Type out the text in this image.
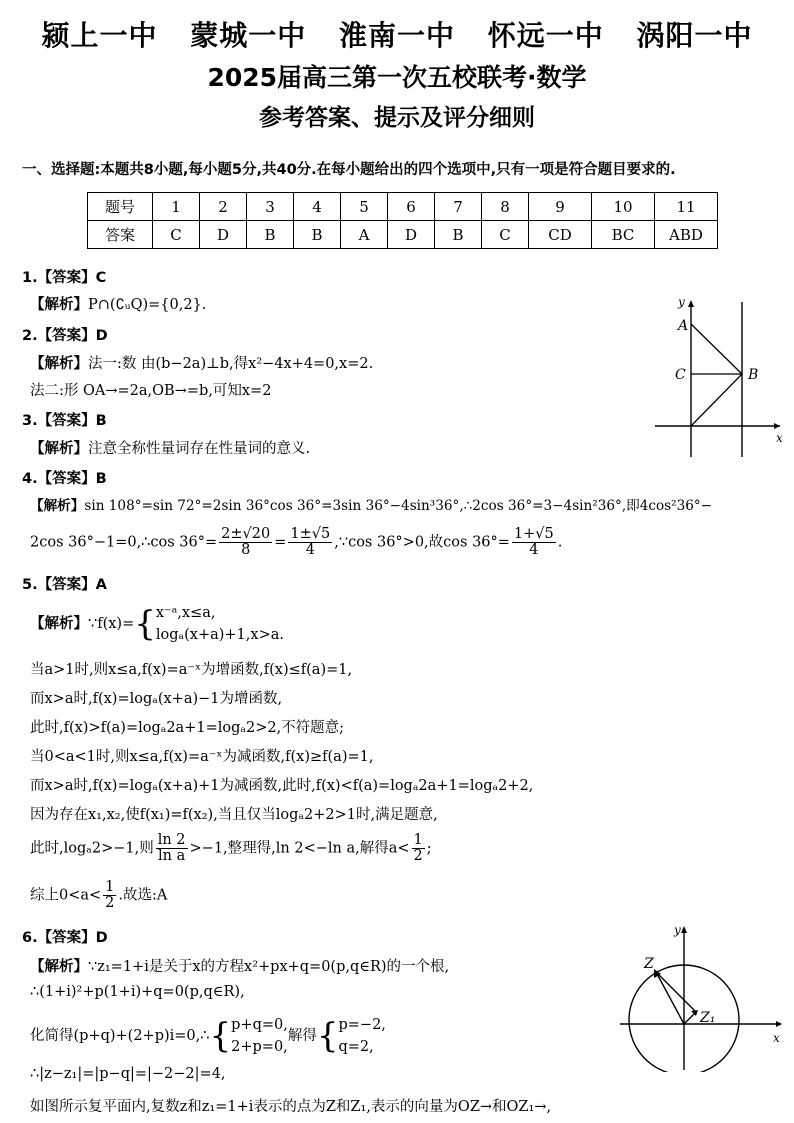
颍上一中 蒙城一中 淮南一中 怀远一中 涡阳一中
2025届高三第一次五校联考·数学
参考答案、提示及评分细则
一、选择题:本题共8小题,每小题5分,共40分.在每小题给出的四个选项中,只有一项是符合题目要求的.
题号	1	2	3	4	5	6	7	8	9	10	11
答案	C	D	B	B	A	D	B	C	CD	BC	ABD
1.【答案】C
【解析】P∩(∁ᵤQ)={0,2}.
2.【答案】D
【解析】法一:数 由(b−2a)⊥b,得x²−4x+4=0,x=2.
法二:形 OA→=2a,OB→=b,可知x=2
3.【答案】B
【解析】注意全称性量词存在性量词的意义.
4.【答案】B
【解析】sin 108°=sin 72°=2sin 36°cos 36°=3sin 36°−4sin³36°,∴2cos 36°=3−4sin²36°,即4cos²36°−
2cos 36°−1=0,∴cos $36^\circ= \frac{2\pm√20}{8} = \frac{1\pm√5}{4}$ ,∵cos 36°>0,故$\cos 36^\circ= \frac{1+√5}{4}$ .
5.【答案】A
【解析】∵f(x)={ x⁻ᵃ,x≤a,
logₐ(x+a)+1,x>a.
当a>1时,则x≤a,f(x)=a⁻ˣ为增函数,f(x)≤f(a)=1,
而x>a时,f(x)=logₐ(x+a)−1为增函数,
此时,f(x)>f(a)=logₐ2a+1=logₐ2>2,不符题意;
当0<a<1时,则x≤a,f(x)=a⁻ˣ为减函数,f(x)≥f(a)=1,
而x>a时,f(x)=logₐ(x+a)+1为减函数,此时,f(x)<f(a)=logₐ2a+1=logₐ2+2,
因为存在x₁,x₂,使f(x₁)=f(x₂),当且仅当logₐ2+2>1时,满足题意,
此时,logₐ2>−1,则 $\frac{\ln 2}{\text{ln a}} >-1$,整理得,ln 2<−ln a,解得$a< \frac{1}{2}$ ;
综上$0<a< \frac{1}{2}$ .故选:A
6.【答案】D
【解析】∵z₁=1+i是关于x的方程x²+px+q=0(p,q∈R)的一个根,
∴(1+i)²+p(1+i)+q=0(p,q∈R),
化简得(p+q)+(2+p)i=0,∴{ p+q=0,
2+p=0,
解得{ p=−2,
q=2,
∴|z−z₁|=|p−q|=|−2−2|=4,
如图所示复平面内,复数z和z₁=1+i表示的点为Z和Z₁,表示的向量为OZ→和OZ₁→,
y
x
A
B
C
y
x
Z
Z₁
